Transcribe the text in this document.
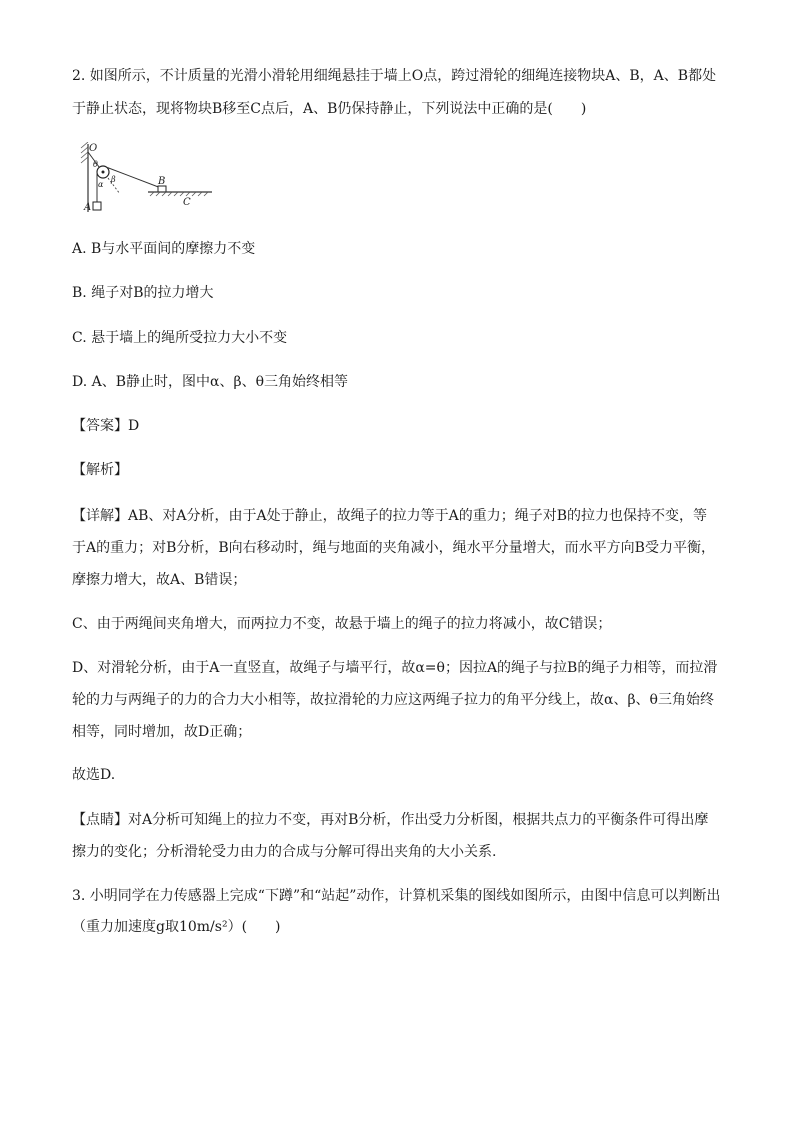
2. 如图所示，不计质量的光滑小滑轮用细绳悬挂于墙上O点，跨过滑轮的细绳连接物块A、B，A、B都处
于静止状态，现将物块B移至C点后，A、B仍保持静止，下列说法中正确的是(　　)
O
θ
α
β
A
B
C
A. B与水平面间的摩擦力不变
B. 绳子对B的拉力增大
C. 悬于墙上的绳所受拉力大小不变
D. A、B静止时，图中α、β、θ三角始终相等
【答案】D
【解析】
【详解】AB、对A分析，由于A处于静止，故绳子的拉力等于A的重力；绳子对B的拉力也保持不变，等
于A的重力；对B分析，B向右移动时，绳与地面的夹角减小，绳水平分量增大，而水平方向B受力平衡，
摩擦力增大，故A、B错误；
C、由于两绳间夹角增大，而两拉力不变，故悬于墙上的绳子的拉力将减小，故C错误；
D、对滑轮分析，由于A一直竖直，故绳子与墙平行，故α=θ；因拉A的绳子与拉B的绳子力相等，而拉滑
轮的力与两绳子的力的合力大小相等，故拉滑轮的力应这两绳子拉力的角平分线上，故α、β、θ三角始终
相等，同时增加，故D正确；
故选D.
【点睛】对A分析可知绳上的拉力不变，再对B分析，作出受力分析图，根据共点力的平衡条件可得出摩
擦力的变化；分析滑轮受力由力的合成与分解可得出夹角的大小关系.
3. 小明同学在力传感器上完成“下蹲”和“站起”动作，计算机采集的图线如图所示，由图中信息可以判断出
（重力加速度g取10m/s²）(　　)
